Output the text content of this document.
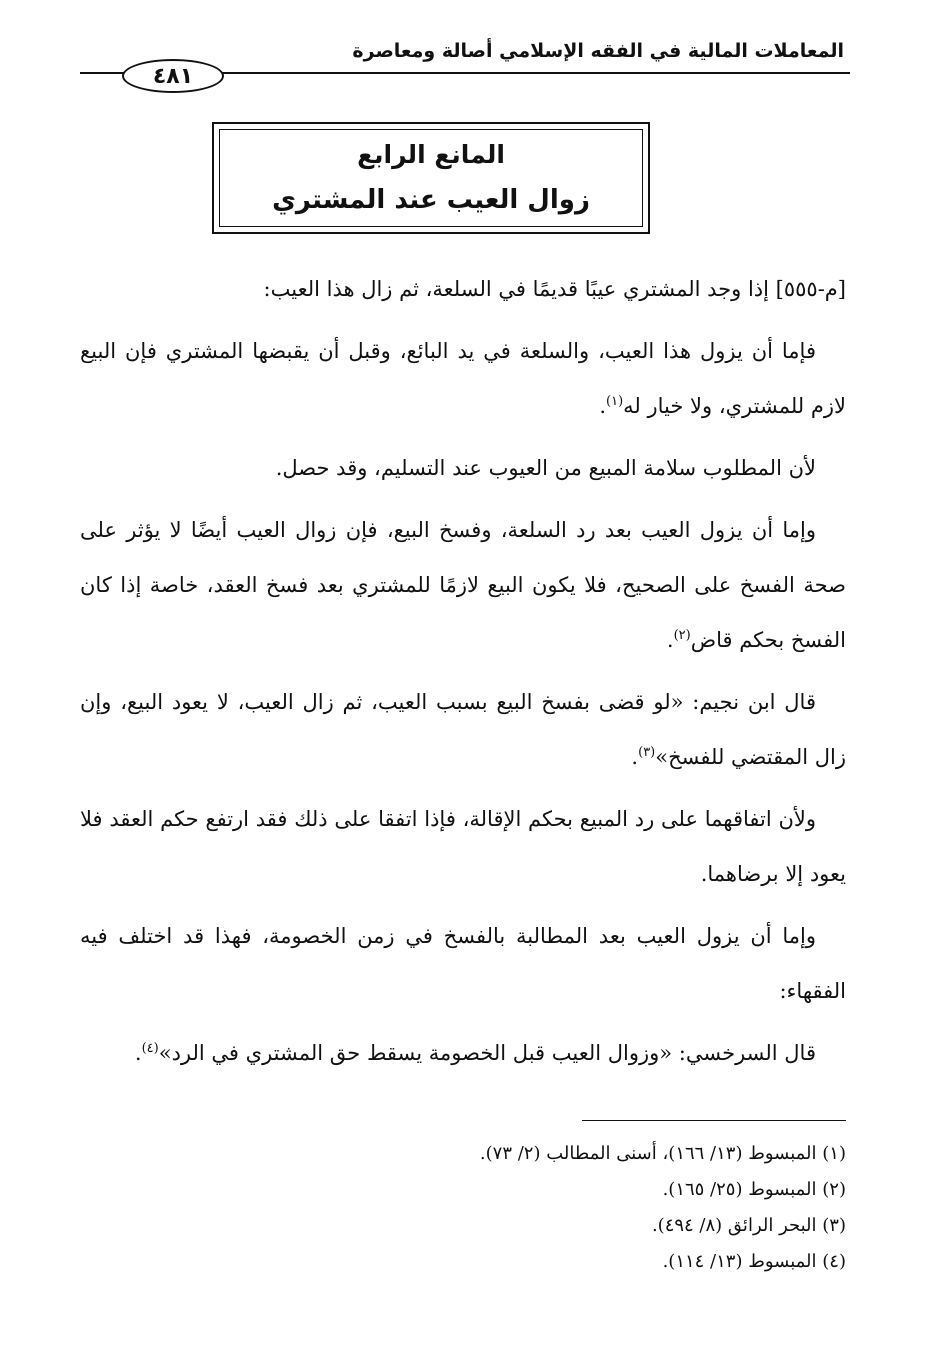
المعاملات المالية في الفقه الإسلامي أصالة ومعاصرة
٤٨١
المانع الرابع
زوال العيب عند المشتري

[م-٥٥٥] إذا وجد المشتري عيبًا قديمًا في السلعة، ثم زال هذا العيب:

فإما أن يزول هذا العيب، والسلعة في يد البائع، وقبل أن يقبضها المشتري فإن البيع لازم للمشتري، ولا خيار له$^{(١)}$.

لأن المطلوب سلامة المبيع من العيوب عند التسليم، وقد حصل.

وإما أن يزول العيب بعد رد السلعة، وفسخ البيع، فإن زوال العيب أيضًا لا يؤثر على صحة الفسخ على الصحيح، فلا يكون البيع لازمًا للمشتري بعد فسخ العقد، خاصة إذا كان الفسخ بحكم قاض$^{(٢)}$.

قال ابن نجيم: «لو قضى بفسخ البيع بسبب العيب، ثم زال العيب، لا يعود البيع، وإن زال المقتضي للفسخ»$^{(٣)}$.

ولأن اتفاقهما على رد المبيع بحكم الإقالة، فإذا اتفقا على ذلك فقد ارتفع حكم العقد فلا يعود إلا برضاهما.

وإما أن يزول العيب بعد المطالبة بالفسخ في زمن الخصومة، فهذا قد اختلف فيه الفقهاء:

قال السرخسي: «وزوال العيب قبل الخصومة يسقط حق المشتري في الرد»$^{(٤)}$.

(١) المبسوط (١٣/ ١٦٦)، أسنى المطالب (٢/ ٧٣).
(٢) المبسوط (٢٥/ ١٦٥).
(٣) البحر الرائق (٨/ ٤٩٤).
(٤) المبسوط (١٣/ ١١٤).
